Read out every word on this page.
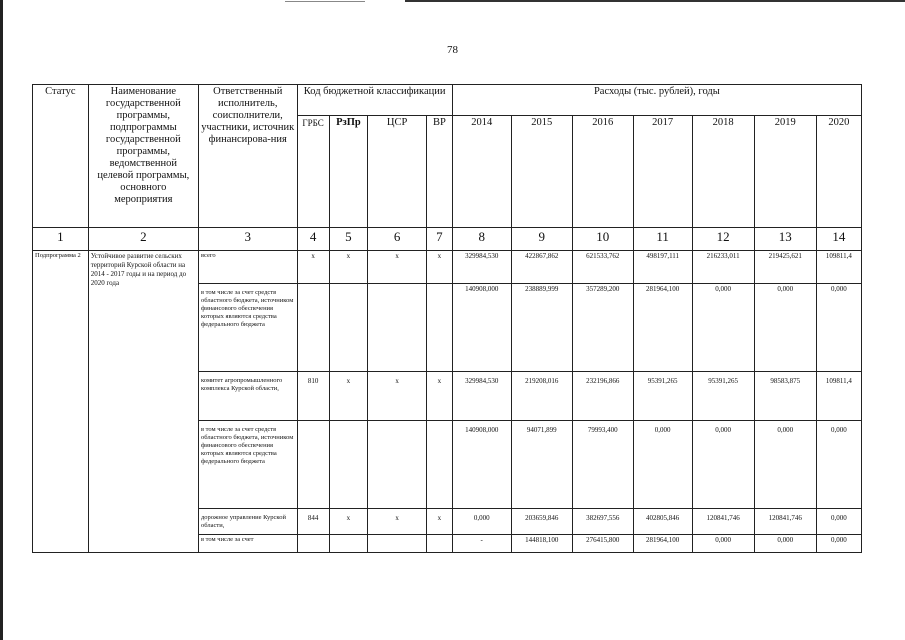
78
Статус	Наименование государственной программы, подпрограммы государственной программы, ведомственной целевой программы, основного мероприятия	Ответственный исполнитель, соисполнители, участники, источник финансирова-ния	Код бюджетной классификации				Расходы (тыс. рублей), годы						
			ГРБС	РзПр	ЦСР	ВР	2014	2015	2016	2017	2018	2019	2020
1	2	3	4	5	6	7	8	9	10	11	12	13	14
Подпрограмма 2	Устойчивое развитие сельских территорий Курской области на 2014 - 2017 годы и на период до 2020 года	всего	x	x	x	x	329984,530	422867,862	621533,762	498197,111	216233,011	219425,621	109811,4
		в том числе за счет средств областного бюджета, источником финансового обеспечения которых являются средства федерального бюджета					140908,000	238889,999	357289,200	281964,100	0,000	0,000	0,000
		комитет агропромышленного комплекса Курской области,	810	x	x	x	329984,530	219208,016	232196,866	95391,265	95391,265	98583,875	109811,4
		в том числе за счет средств областного бюджета, источником финансового обеспечения которых являются средства федерального бюджета					140908,000	94071,899	79993,400	0,000	0,000	0,000	0,000
		дорожное управление Курской области,	844	x	x	x	0,000	203659,846	382697,556	402805,846	120841,746	120841,746	0,000
		в том числе за счет					-	144818,100	276415,800	281964,100	0,000	0,000	0,000
